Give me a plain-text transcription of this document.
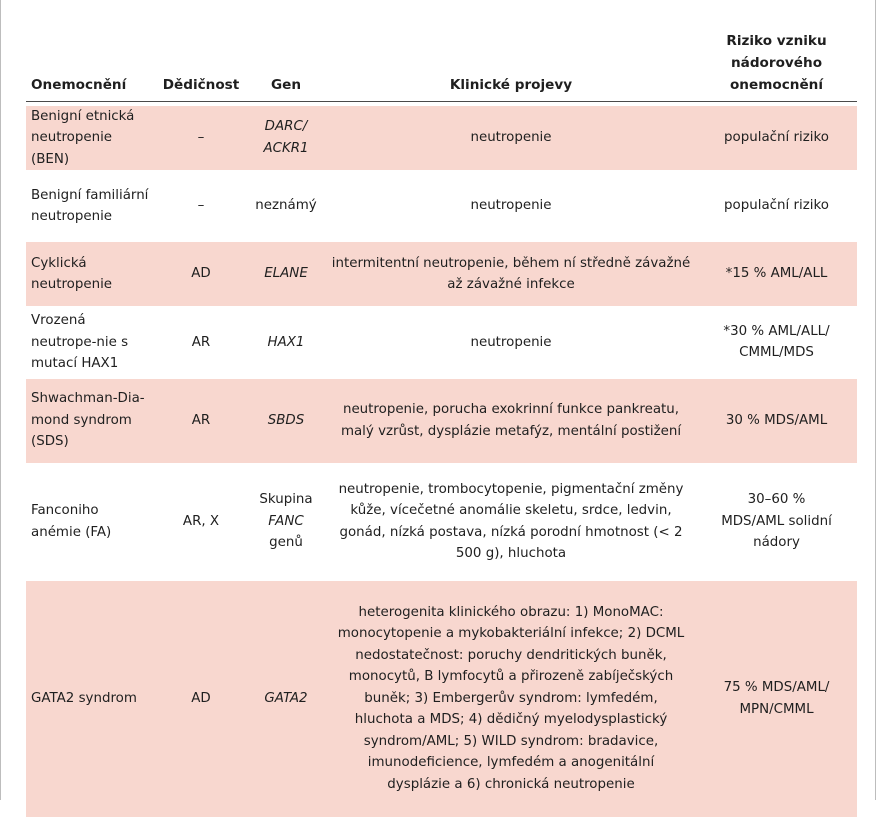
Onemocnění	Dědičnost	Gen	Klinické projevy	Riziko vzniku nádorového onemocnění

Benigní etnická neutropenie (BEN)	–	DARC/ ACKR1	neutropenie	populační riziko

Benigní familiární neutropenie	–	neznámý	neutropenie	populační riziko

Cyklická neutropenie	AD	ELANE	intermitentní neutropenie, během ní středně závažné až závažné infekce	*15 % AML/ALL

Vrozená neutrope-nie s mutací HAX1	AR	HAX1	neutropenie	*30 % AML/ALL/ CMML/MDS

Shwachman-Dia-mond syndrom (SDS)	AR	SBDS	neutropenie, porucha exokrinní funkce pankreatu, malý vzrůst, dysplázie metafýz, mentální postižení	30 % MDS/AML

Fanconiho anémie (FA)	AR, X	Skupina
FANC genů	neutropenie, trombocytopenie, pigmentační změny kůže, vícečetné anomálie skeletu, srdce, ledvin, gonád, nízká postava, nízká porodní hmotnost (< 2 500 g), hluchota	30–60 % MDS/AML solidní nádory

GATA2 syndrom	AD	GATA2	heterogenita klinického obrazu: 1) MonoMAC: monocytopenie a mykobakteriální infekce; 2) DCML nedostatečnost: poruchy dendritických buněk, monocytů, B lymfocytů a přirozeně zabíječských buněk; 3) Embergerův syndrom: lymfedém, hluchota a MDS; 4) dědičný myelodysplastický syndrom/AML; 5) WILD syndrom: bradavice, imunodeficience, lymfedém a anogenitální dysplázie a 6) chronická neutropenie	75 % MDS/AML/ MPN/CMML
